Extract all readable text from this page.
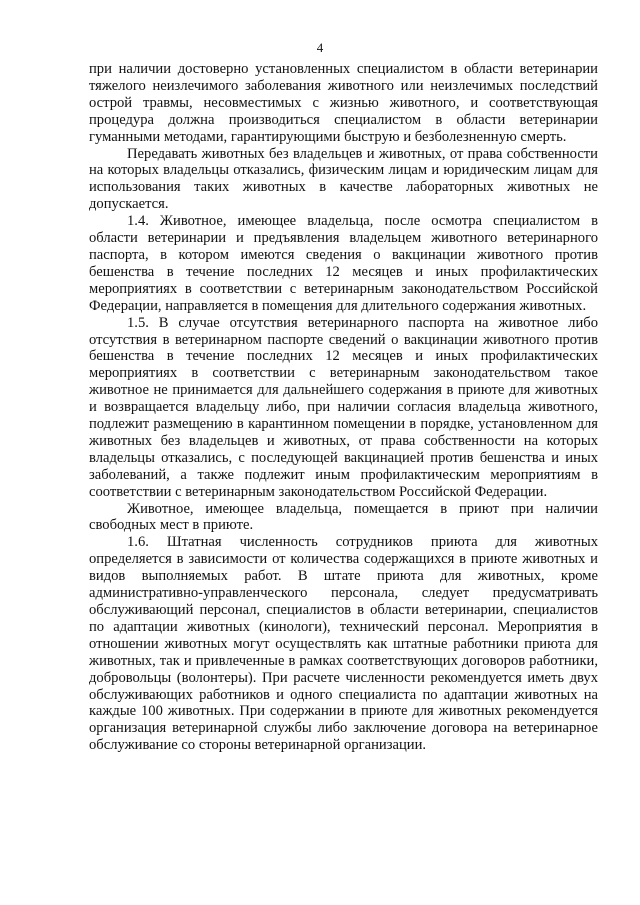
4

при наличии достоверно установленных специалистом в области ветеринарии тяжелого неизлечимого заболевания животного или неизлечимых последствий острой травмы, несовместимых с жизнью животного, и соответствующая процедура должна производиться специалистом в области ветеринарии гуманными методами, гарантирующими быструю и безболезненную смерть.

Передавать животных без владельцев и животных, от права собственности на которых владельцы отказались, физическим лицам и юридическим лицам для использования таких животных в качестве лабораторных животных не допускается.

1.4. Животное, имеющее владельца, после осмотра специалистом в области ветеринарии и предъявления владельцем животного ветеринарного паспорта, в котором имеются сведения о вакцинации животного против бешенства в течение последних 12 месяцев и иных профилактических мероприятиях в соответствии с ветеринарным законодательством Российской Федерации, направляется в помещения для длительного содержания животных.

1.5. В случае отсутствия ветеринарного паспорта на животное либо отсутствия в ветеринарном паспорте сведений о вакцинации животного против бешенства в течение последних 12 месяцев и иных профилактических мероприятиях в соответствии с ветеринарным законодательством такое животное не принимается для дальнейшего содержания в приюте для животных и возвращается владельцу либо, при наличии согласия владельца животного, подлежит размещению в карантинном помещении в порядке, установленном для животных без владельцев и животных, от права собственности на которых владельцы отказались, с последующей вакцинацией против бешенства и иных заболеваний, а также подлежит иным профилактическим мероприятиям в соответствии с ветеринарным законодательством Российской Федерации.

Животное, имеющее владельца, помещается в приют при наличии свободных мест в приюте.

1.6. Штатная численность сотрудников приюта для животных определяется в зависимости от количества содержащихся в приюте животных и видов выполняемых работ. В штате приюта для животных, кроме административно-управленческого персонала, следует предусматривать обслуживающий персонал, специалистов в области ветеринарии, специалистов по адаптации животных (кинологи), технический персонал. Мероприятия в отношении животных могут осуществлять как штатные работники приюта для животных, так и привлеченные в рамках соответствующих договоров работники, добровольцы (волонтеры). При расчете численности рекомендуется иметь двух обслуживающих работников и одного специалиста по адаптации животных на каждые 100 животных. При содержании в приюте для животных рекомендуется организация ветеринарной службы либо заключение договора на ветеринарное обслуживание со стороны ветеринарной организации.
